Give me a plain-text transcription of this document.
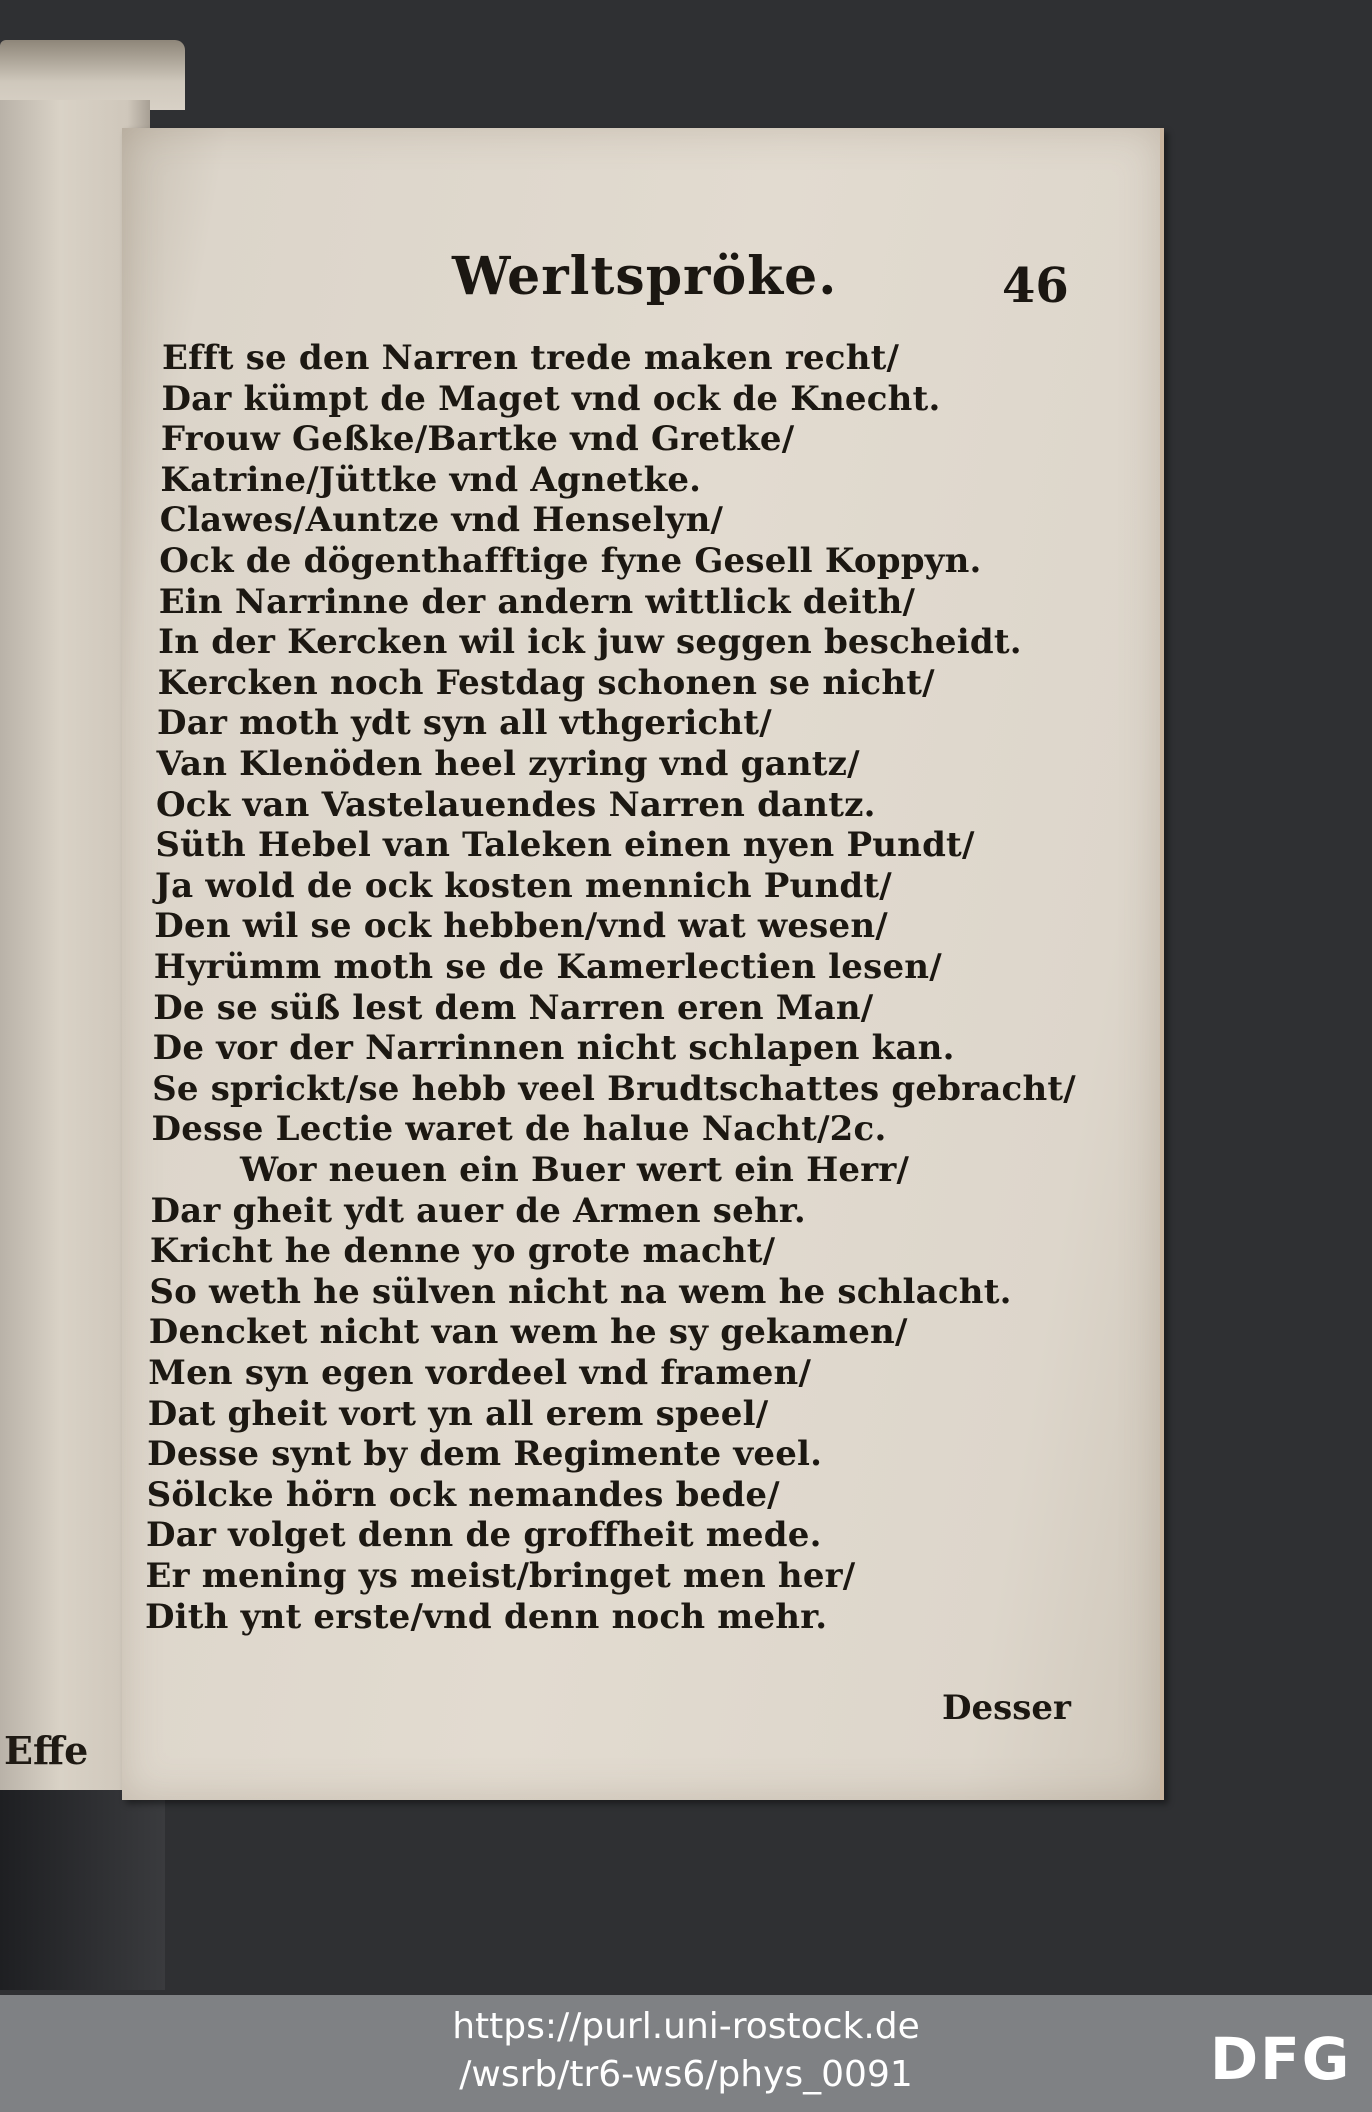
Effe
Werltspröke.	46
Efft se den Narren trede maken recht/
Dar kümpt de Maget vnd ock de Knecht.
Frouw Geßke/Bartke vnd Gretke/
Katrine/Jüttke vnd Agnetke.
Clawes/Auntze vnd Henselyn/
Ock de dögenthafftige fyne Gesell Koppyn.
Ein Narrinne der andern wittlick deith/
In der Kercken wil ick juw seggen bescheidt.
Kercken noch Festdag schonen se nicht/
Dar moth ydt syn all vthgericht/
Van Klenöden heel zyring vnd gantz/
Ock van Vastelauendes Narren dantz.
Süth Hebel van Taleken einen nyen Pundt/
Ja wold de ock kosten mennich Pundt/
Den wil se ock hebben/vnd wat wesen/
Hyrümm moth se de Kamerlectien lesen/
De se süß lest dem Narren eren Man/
De vor der Narrinnen nicht schlapen kan.
Se sprickt/se hebb veel Brudtschattes gebracht/
Desse Lectie waret de halue Nacht/2c.
Wor neuen ein Buer wert ein Herr/
Dar gheit ydt auer de Armen sehr.
Kricht he denne yo grote macht/
So weth he sülven nicht na wem he schlacht.
Dencket nicht van wem he sy gekamen/
Men syn egen vordeel vnd framen/
Dat gheit vort yn all erem speel/
Desse synt by dem Regimente veel.
Sölcke hörn ock nemandes bede/
Dar volget denn de groffheit mede.
Er mening ys meist/bringet men her/
Dith ynt erste/vnd denn noch mehr.
Desser
https://purl.uni-rostock.de
/wsrb/tr6-ws6/phys_0091	DFG
